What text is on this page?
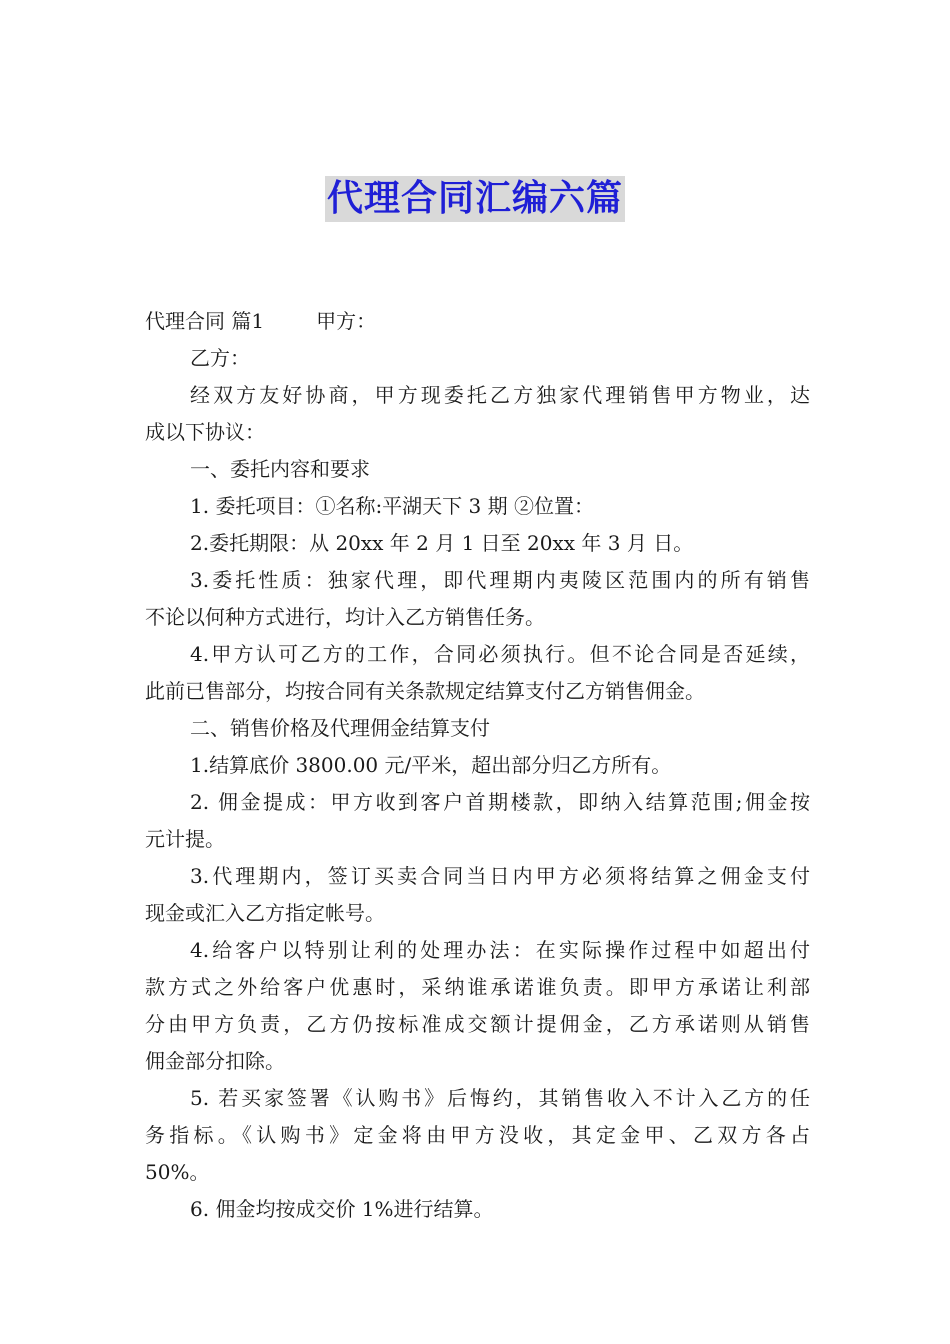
代理合同汇编六篇
代理合同 篇1	甲方：
乙方：
经双方友好协商，甲方现委托乙方独家代理销售甲方物业，达
成以下协议：
一、委托内容和要求
1. 委托项目：①名称:平湖天下 3 期 ②位置：
2.委托期限：从 20xx 年 2 月 1 日至 20xx 年 3 月 日。
3.委托性质：独家代理，即代理期内夷陵区范围内的所有销售
不论以何种方式进行，均计入乙方销售任务。
4.甲方认可乙方的工作，合同必须执行。但不论合同是否延续，
此前已售部分，均按合同有关条款规定结算支付乙方销售佣金。
二、销售价格及代理佣金结算支付
1.结算底价 3800.00 元/平米，超出部分归乙方所有。
2. 佣金提成：甲方收到客户首期楼款，即纳入结算范围;佣金按
元计提。
3.代理期内，签订买卖合同当日内甲方必须将结算之佣金支付
现金或汇入乙方指定帐号。
4.给客户以特别让利的处理办法：在实际操作过程中如超出付
款方式之外给客户优惠时，采纳谁承诺谁负责。即甲方承诺让利部
分由甲方负责，乙方仍按标准成交额计提佣金，乙方承诺则从销售
佣金部分扣除。
5. 若买家签署《认购书》后悔约，其销售收入不计入乙方的任
务指标。《认购书》定金将由甲方没收，其定金甲、乙双方各占
50%。
6. 佣金均按成交价 1%进行结算。
